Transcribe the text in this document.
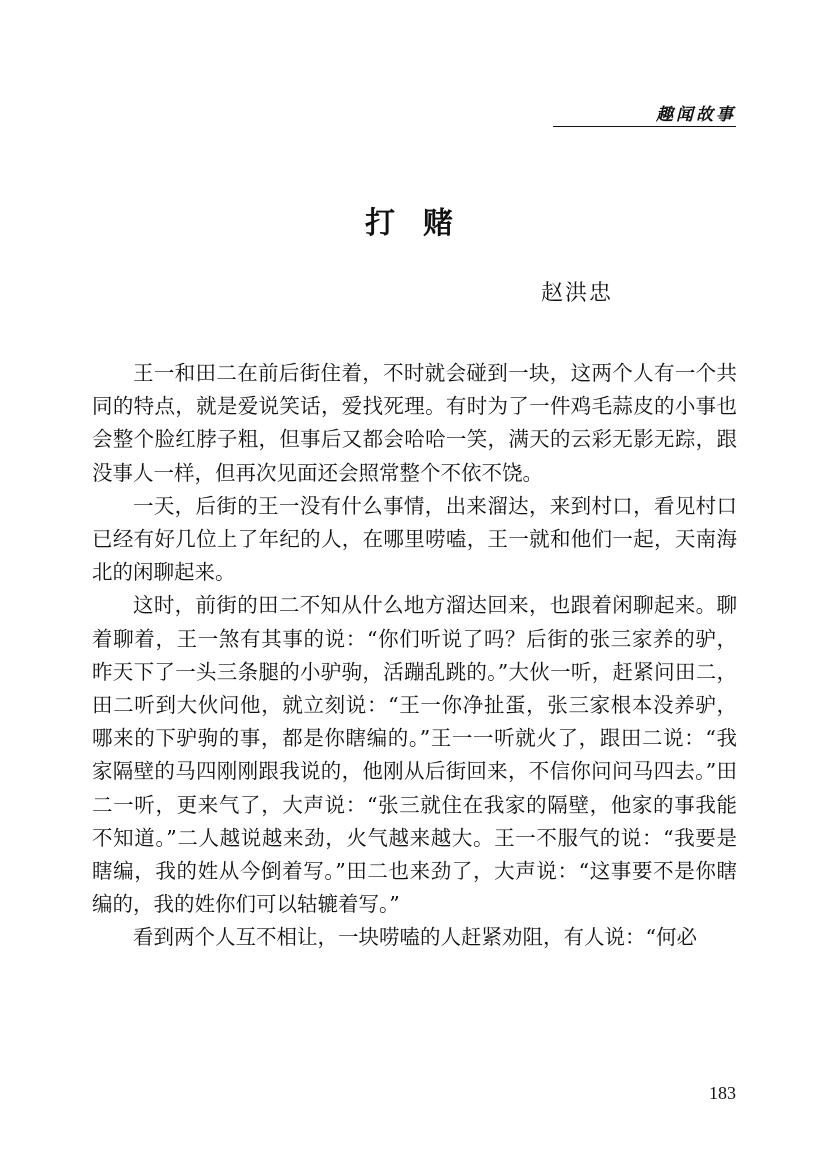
趣闻故事
打赌
赵洪忠

王一和田二在前后街住着，不时就会碰到一块，这两个人有一个共同的特点，就是爱说笑话，爱找死理。有时为了一件鸡毛蒜皮的小事也会整个脸红脖子粗，但事后又都会哈哈一笑，满天的云彩无影无踪，跟没事人一样，但再次见面还会照常整个不依不饶。

一天，后街的王一没有什么事情，出来溜达，来到村口，看见村口已经有好几位上了年纪的人，在哪里唠嗑，王一就和他们一起，天南海北的闲聊起来。

这时，前街的田二不知从什么地方溜达回来，也跟着闲聊起来。聊着聊着，王一煞有其事的说：“你们听说了吗？后街的张三家养的驴，昨天下了一头三条腿的小驴驹，活蹦乱跳的。”大伙一听，赶紧问田二，田二听到大伙问他，就立刻说：“王一你净扯蛋，张三家根本没养驴，哪来的下驴驹的事，都是你瞎编的。”王一一听就火了，跟田二说：“我家隔壁的马四刚刚跟我说的，他刚从后街回来，不信你问问马四去。”田二一听，更来气了，大声说：“张三就住在我家的隔壁，他家的事我能不知道。”二人越说越来劲，火气越来越大。王一不服气的说：“我要是瞎编，我的姓从今倒着写。”田二也来劲了，大声说：“这事要不是你瞎编的，我的姓你们可以轱辘着写。”

看到两个人互不相让，一块唠嗑的人赶紧劝阻，有人说：“何必

183
